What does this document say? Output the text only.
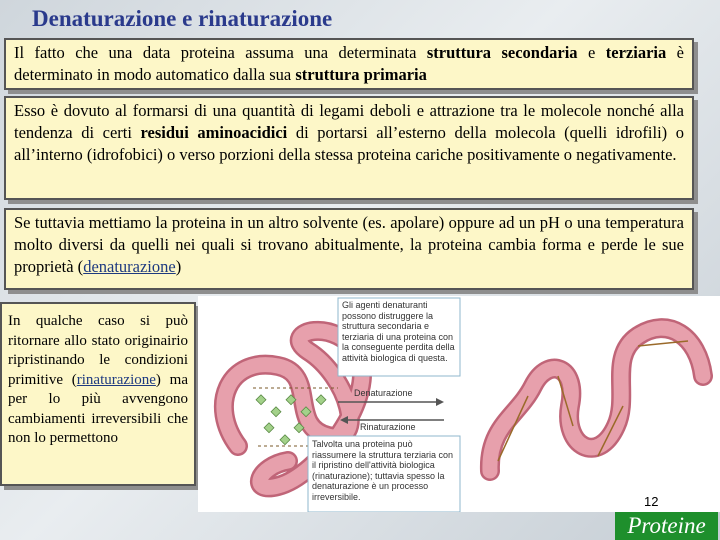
Denaturazione e rinaturazione
Il fatto che una data proteina assuma una determinata struttura secondaria e terziaria è determinato in modo automatico dalla sua struttura primaria
Esso è dovuto al formarsi di una quantità di legami deboli e attrazione tra le molecole nonché alla tendenza di certi residui aminoacidici di portarsi all’esterno della molecola (quelli idrofili) o all’interno (idrofobici) o verso porzioni della stessa proteina cariche positivamente o negativamente.
Se tuttavia mettiamo la proteina in un altro solvente (es. apolare) oppure ad un pH o una temperatura molto diversi da quelli nei quali si trovano abitualmente, la proteina cambia forma e perde le sue proprietà (denaturazione)
In qualche caso si può ritornare allo stato originairio ripristinando le condizioni primitive (rinaturazione) ma per lo più avvengono cambiamenti irreversibili che non lo permettono
Gli agenti denaturanti possono distruggere la struttura secondaria e terziaria di una proteina con la conseguente perdita della attività biologica di questa.
Denaturazione
Rinaturazione
Talvolta una proteina può riassumere la struttura terziaria con il ripristino dell'attività biologica (rinaturazione); tuttavia spesso la denaturazione è un processo irreversibile.	12
Proteine
